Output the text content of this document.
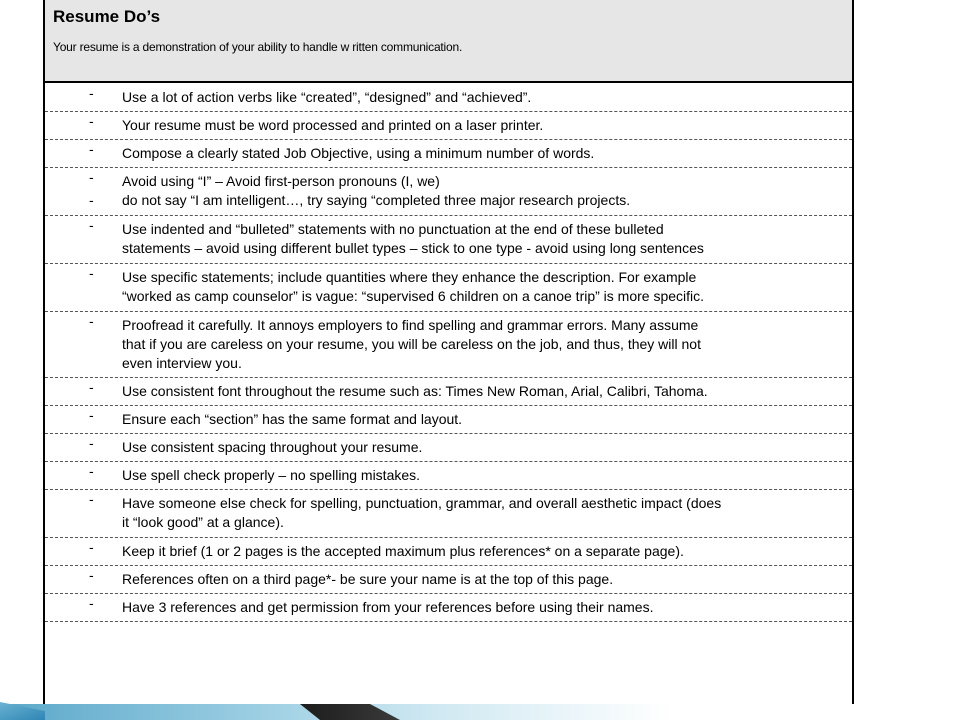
Resume Do’s
Your resume is a demonstration of your ability to handle w ritten communication.
- Use a lot of action verbs like “created”, “designed” and “achieved”.
- Your resume must be word processed and printed on a laser printer.
- Compose a clearly stated Job Objective, using a minimum number of words.
- Avoid using “I” – Avoid first-person pronouns (I, we)
- do not say “I am intelligent…, try saying “completed three major research projects.
- Use indented and “bulleted” statements with no punctuation at the end of these bulleted
statements – avoid using different bullet types – stick to one type - avoid using long sentences
- Use specific statements; include quantities where they enhance the description. For example
“worked as camp counselor” is vague: “supervised 6 children on a canoe trip” is more specific.
- Proofread it carefully. It annoys employers to find spelling and grammar errors. Many assume
that if you are careless on your resume, you will be careless on the job, and thus, they will not
even interview you.
- Use consistent font throughout the resume such as: Times New Roman, Arial, Calibri, Tahoma.
- Ensure each “section” has the same format and layout.
- Use consistent spacing throughout your resume.
- Use spell check properly – no spelling mistakes.
- Have someone else check for spelling, punctuation, grammar, and overall aesthetic impact (does
it “look good” at a glance).
- Keep it brief (1 or 2 pages is the accepted maximum plus references* on a separate page).
- References often on a third page*- be sure your name is at the top of this page.
- Have 3 references and get permission from your references before using their names.
